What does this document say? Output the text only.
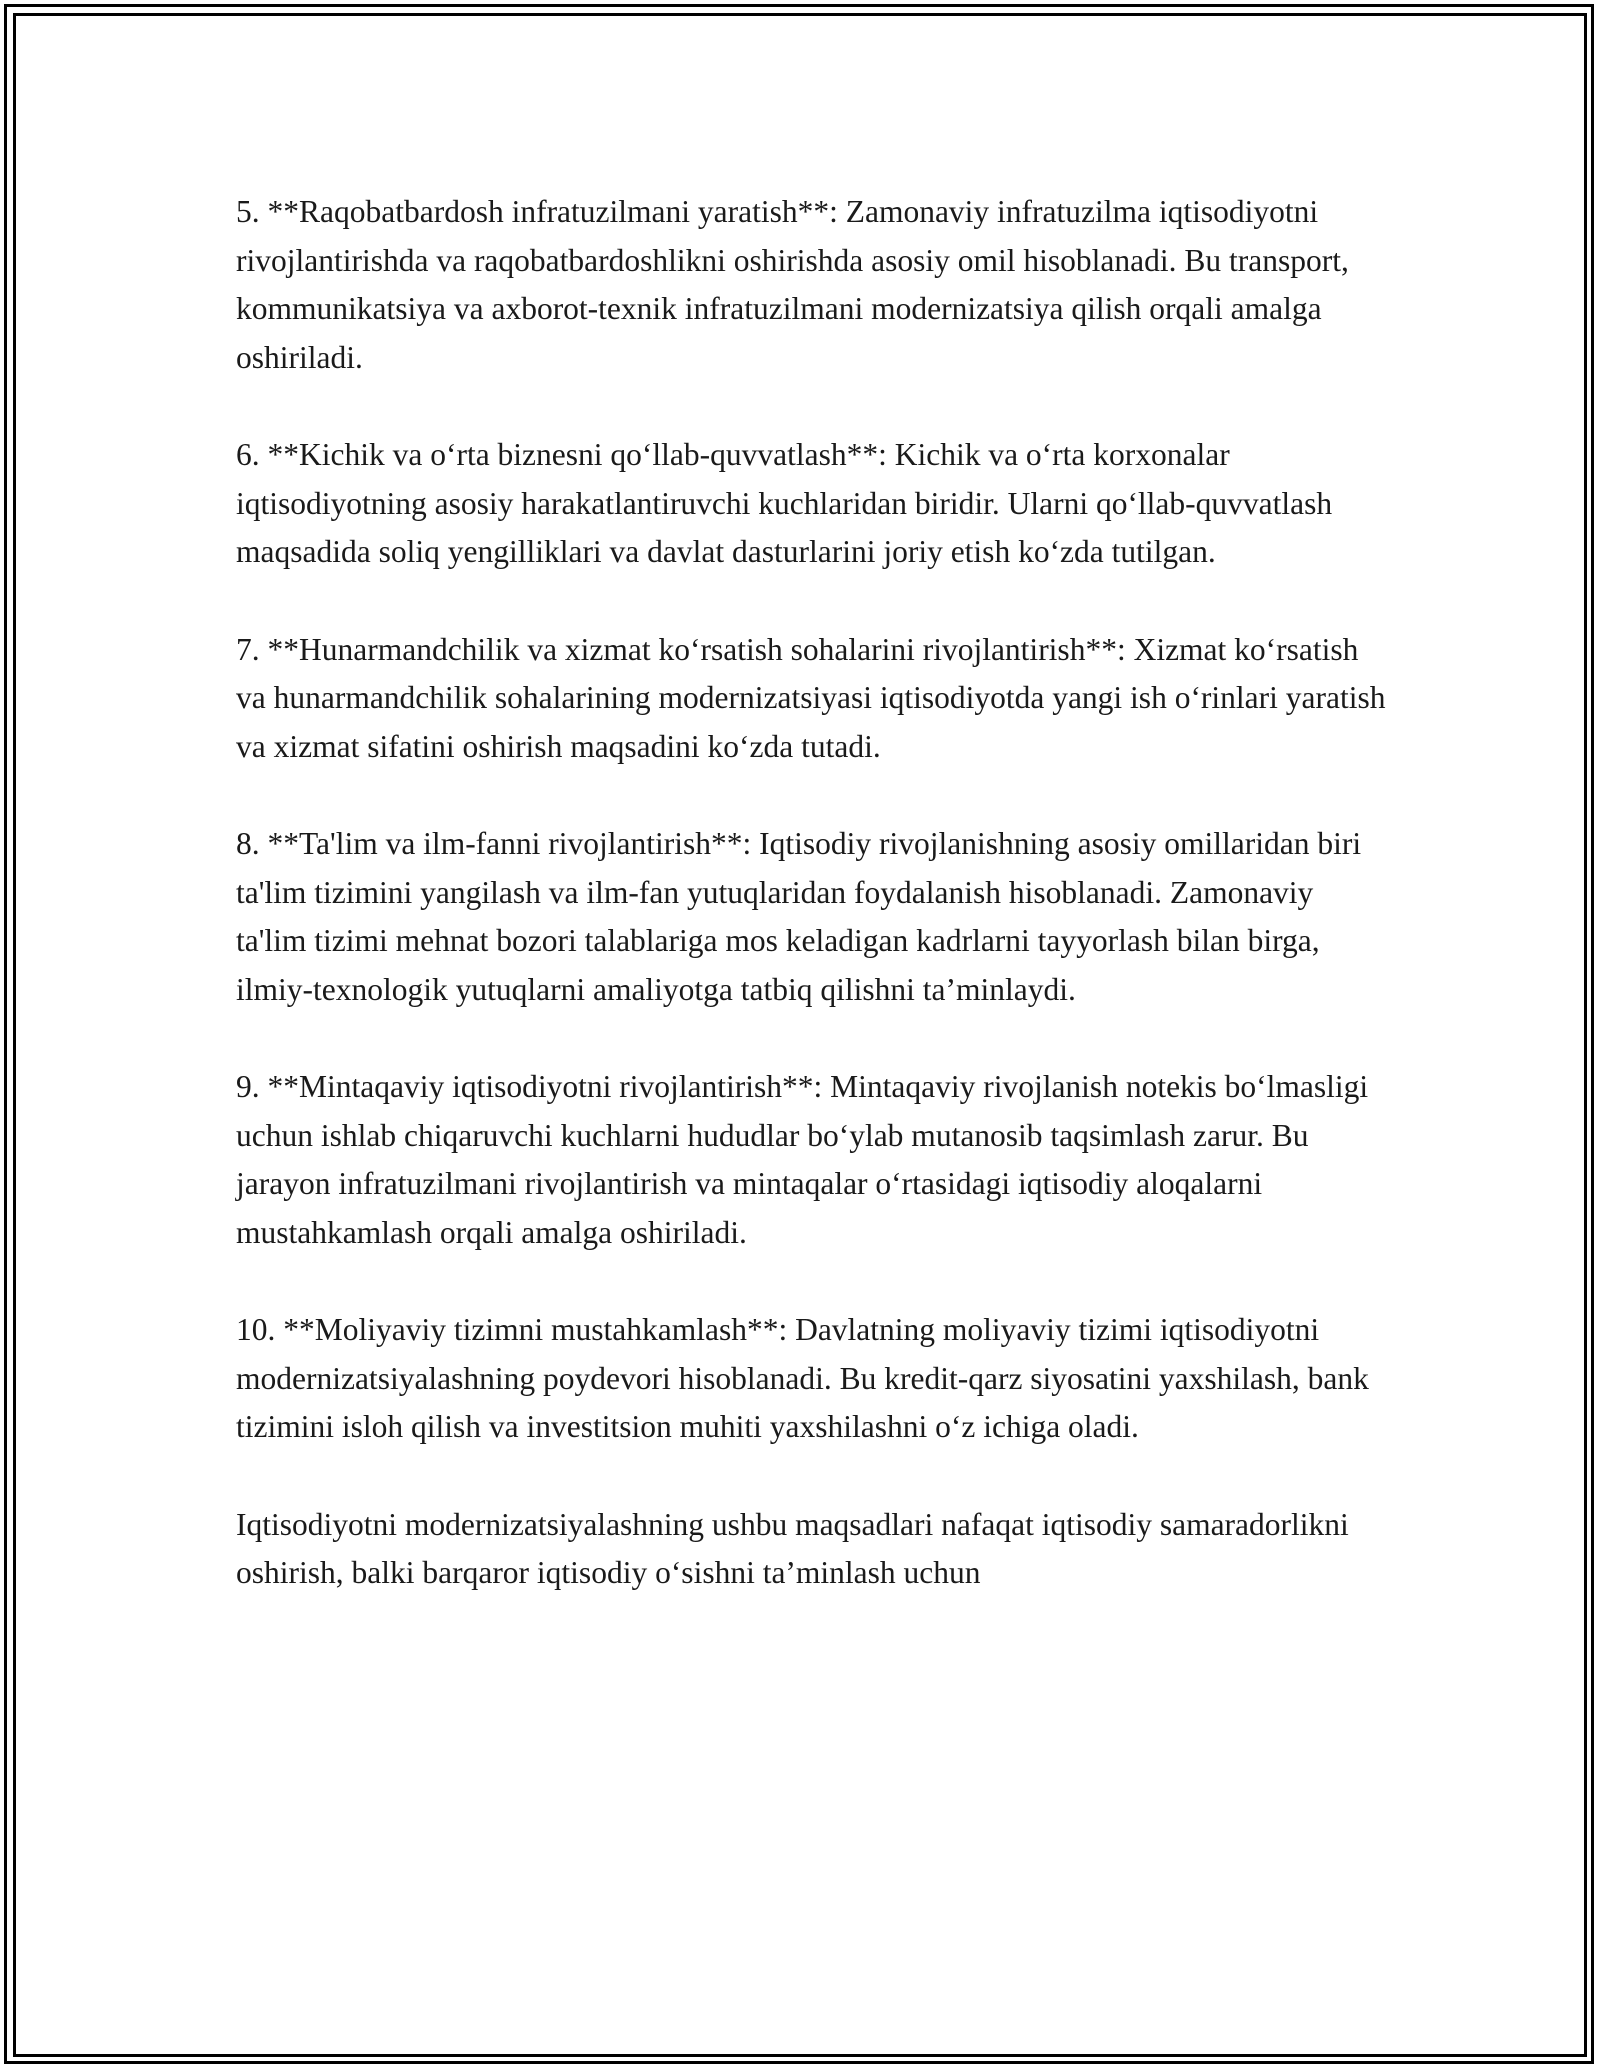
5. **Raqobatbardosh infratuzilmani yaratish**: Zamonaviy infratuzilma iqtisodiyotni rivojlantirishda va raqobatbardoshlikni oshirishda asosiy omil hisoblanadi. Bu transport, kommunikatsiya va axborot-texnik infratuzilmani modernizatsiya qilish orqali amalga oshiriladi.

6. **Kichik va o‘rta biznesni qo‘llab-quvvatlash**: Kichik va o‘rta korxonalar iqtisodiyotning asosiy harakatlantiruvchi kuchlaridan biridir. Ularni qo‘llab-quvvatlash maqsadida soliq yengilliklari va davlat dasturlarini joriy etish ko‘zda tutilgan.

7. **Hunarmandchilik va xizmat ko‘rsatish sohalarini rivojlantirish**: Xizmat ko‘rsatish va hunarmandchilik sohalarining modernizatsiyasi iqtisodiyotda yangi ish o‘rinlari yaratish va xizmat sifatini oshirish maqsadini ko‘zda tutadi.

8. **Ta'lim va ilm-fanni rivojlantirish**: Iqtisodiy rivojlanishning asosiy omillaridan biri ta'lim tizimini yangilash va ilm-fan yutuqlaridan foydalanish hisoblanadi. Zamonaviy ta'lim tizimi mehnat bozori talablariga mos keladigan kadrlarni tayyorlash bilan birga, ilmiy-texnologik yutuqlarni amaliyotga tatbiq qilishni ta’minlaydi.

9. **Mintaqaviy iqtisodiyotni rivojlantirish**: Mintaqaviy rivojlanish notekis bo‘lmasligi uchun ishlab chiqaruvchi kuchlarni hududlar bo‘ylab mutanosib taqsimlash zarur. Bu jarayon infratuzilmani rivojlantirish va mintaqalar o‘rtasidagi iqtisodiy aloqalarni mustahkamlash orqali amalga oshiriladi.

10. **Moliyaviy tizimni mustahkamlash**: Davlatning moliyaviy tizimi iqtisodiyotni modernizatsiyalashning poydevori hisoblanadi. Bu kredit-qarz siyosatini yaxshilash, bank tizimini isloh qilish va investitsion muhiti yaxshilashni o‘z ichiga oladi.

Iqtisodiyotni modernizatsiyalashning ushbu maqsadlari nafaqat iqtisodiy samaradorlikni oshirish, balki barqaror iqtisodiy o‘sishni ta’minlash uchun
